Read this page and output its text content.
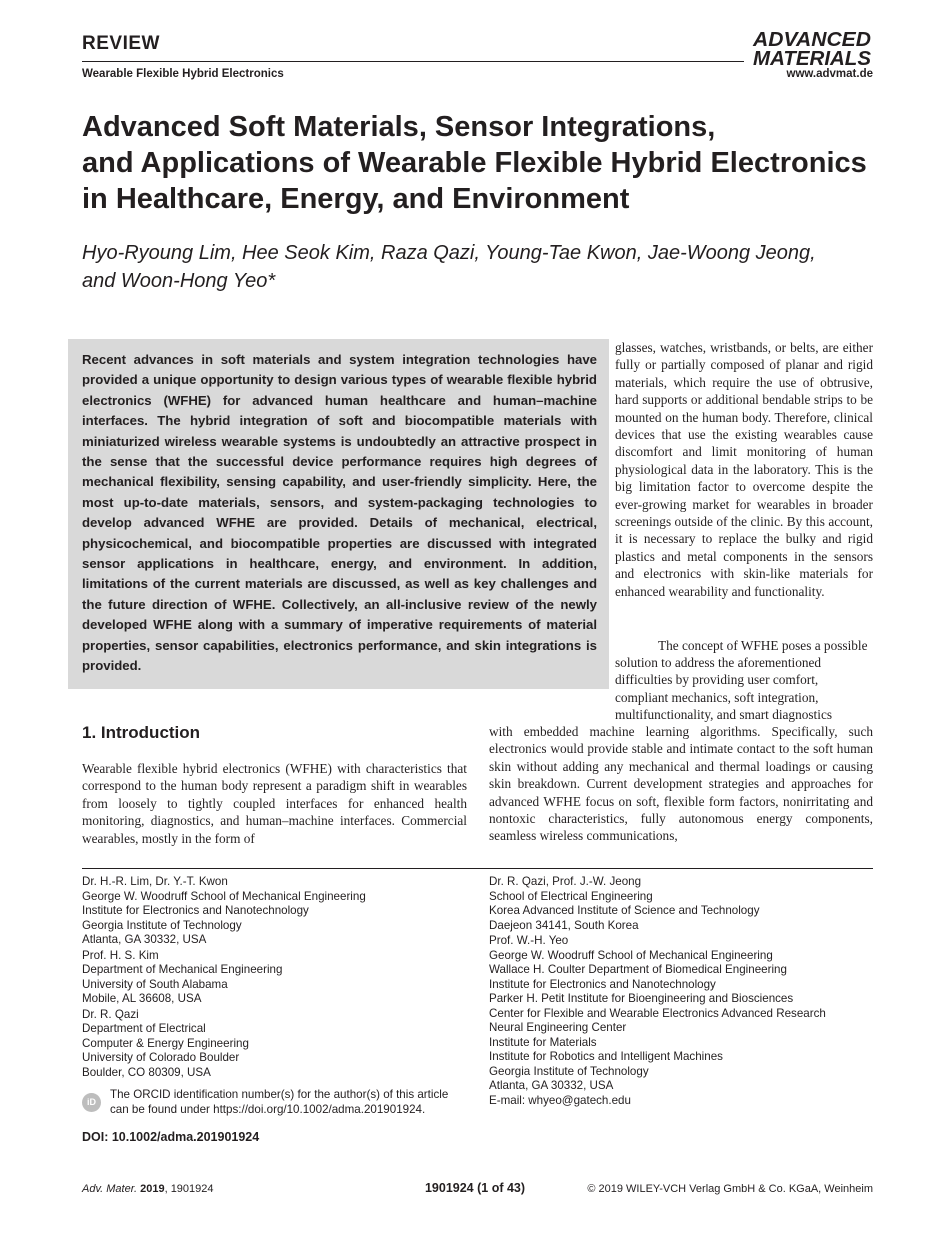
REVIEW
Wearable Flexible Hybrid Electronics
ADVANCED
MATERIALS
www.advmat.de
Advanced Soft Materials, Sensor Integrations,
and Applications of Wearable Flexible Hybrid Electronics
in Healthcare, Energy, and Environment
Hyo-Ryoung Lim, Hee Seok Kim, Raza Qazi, Young-Tae Kwon, Jae-Woong Jeong,
and Woon-Hong Yeo*
Recent advances in soft materials and system integration technologies have provided a unique opportunity to design various types of wearable flexible hybrid electronics (WFHE) for advanced human healthcare and human–machine interfaces. The hybrid integration of soft and biocompatible materials with miniaturized wireless wearable systems is undoubtedly an attractive prospect in the sense that the successful device performance requires high degrees of mechanical flexibility, sensing capability, and user-friendly simplicity. Here, the most up-to-date materials, sensors, and system-packaging technologies to develop advanced WFHE are provided. Details of mechanical, electrical, physicochemical, and biocompatible properties are discussed with integrated sensor applications in healthcare, energy, and environment. In addition, limitations of the current materials are discussed, as well as key challenges and the future direction of WFHE. Collectively, an all-inclusive review of the newly developed WFHE along with a summary of imperative requirements of material properties, sensor capabilities, electronics performance, and skin integrations is provided.
glasses, watches, wristbands, or belts, are either fully or partially composed of planar and rigid materials, which require the use of obtrusive, hard supports or additional bendable strips to be mounted on the human body. Therefore, clinical devices that use the existing wearables cause discomfort and limit monitoring of human physiological data in the laboratory. This is the big limitation factor to overcome despite the ever-growing market for wearables in broader screenings outside of the clinic. By this account, it is necessary to replace the bulky and rigid plastics and metal components in the sensors and electronics with skin-like materials for enhanced wearability and functionality.
The concept of WFHE poses a possible
solution to address the aforementioned
difficulties by providing user comfort,
compliant mechanics, soft integration,
multifunctionality, and smart diagnostics
1. Introduction
Wearable flexible hybrid electronics (WFHE) with characteristics that correspond to the human body represent a paradigm shift in wearables from loosely to tightly coupled interfaces for enhanced health monitoring, diagnostics, and human–machine interfaces. Commercial wearables, mostly in the form of
with embedded machine learning algorithms. Specifically, such electronics would provide stable and intimate contact to the soft human skin without adding any mechanical and thermal loadings or causing skin breakdown. Current development strategies and approaches for advanced WFHE focus on soft, flexible form factors, nonirritating and nontoxic characteristics, fully autonomous energy components, seamless wireless communications,
Dr. H.-R. Lim, Dr. Y.-T. Kwon
George W. Woodruff School of Mechanical Engineering
Institute for Electronics and Nanotechnology
Georgia Institute of Technology
Atlanta, GA 30332, USA
Prof. H. S. Kim
Department of Mechanical Engineering
University of South Alabama
Mobile, AL 36608, USA
Dr. R. Qazi
Department of Electrical
Computer & Energy Engineering
University of Colorado Boulder
Boulder, CO 80309, USA
iD
The ORCID identification number(s) for the author(s) of this article
can be found under https://doi.org/10.1002/adma.201901924.
Dr. R. Qazi, Prof. J.-W. Jeong
School of Electrical Engineering
Korea Advanced Institute of Science and Technology
Daejeon 34141, South Korea
Prof. W.-H. Yeo
George W. Woodruff School of Mechanical Engineering
Wallace H. Coulter Department of Biomedical Engineering
Institute for Electronics and Nanotechnology
Parker H. Petit Institute for Bioengineering and Biosciences
Center for Flexible and Wearable Electronics Advanced Research
Neural Engineering Center
Institute for Materials
Institute for Robotics and Intelligent Machines
Georgia Institute of Technology
Atlanta, GA 30332, USA
E-mail: whyeo@gatech.edu
DOI: 10.1002/adma.201901924
Adv. Mater. 2019, 1901924	1901924 (1 of 43)	© 2019 WILEY-VCH Verlag GmbH & Co. KGaA, Weinheim
